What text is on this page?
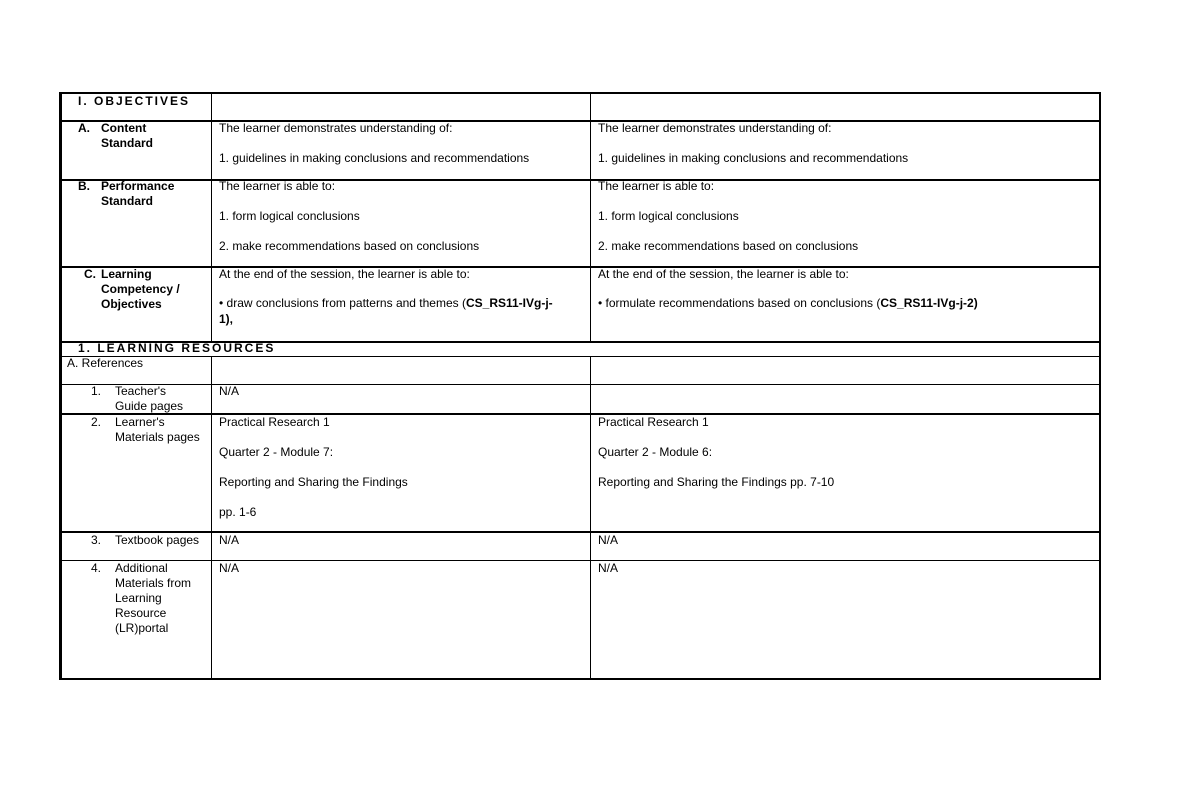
I. OBJECTIVES
A. Content
Standard
The learner demonstrates understanding of:
1. guidelines in making conclusions and recommendations
The learner demonstrates understanding of:
1. guidelines in making conclusions and recommendations
B. Performance
Standard
The learner is able to:
1. form logical conclusions
2. make recommendations based on conclusions
The learner is able to:
1. form logical conclusions
2. make recommendations based on conclusions
C. Learning
Competency /
Objectives
At the end of the session, the learner is able to:
• draw conclusions from patterns and themes (CS_RS11-IVg-j-
1),
At the end of the session, the learner is able to:
• formulate recommendations based on conclusions (CS_RS11-IVg-j-2)
1. LEARNING RESOURCES
A. References
1. Teacher's
Guide pages
N/A
2. Learner's
Materials pages
Practical Research 1
Quarter 2 - Module 7:
Reporting and Sharing the Findings
pp. 1-6
Practical Research 1
Quarter 2 - Module 6:
Reporting and Sharing the Findings pp. 7-10
3. Textbook pages N/A	N/A
4. Additional
Materials from
Learning
Resource
(LR)portal
N/A	N/A
